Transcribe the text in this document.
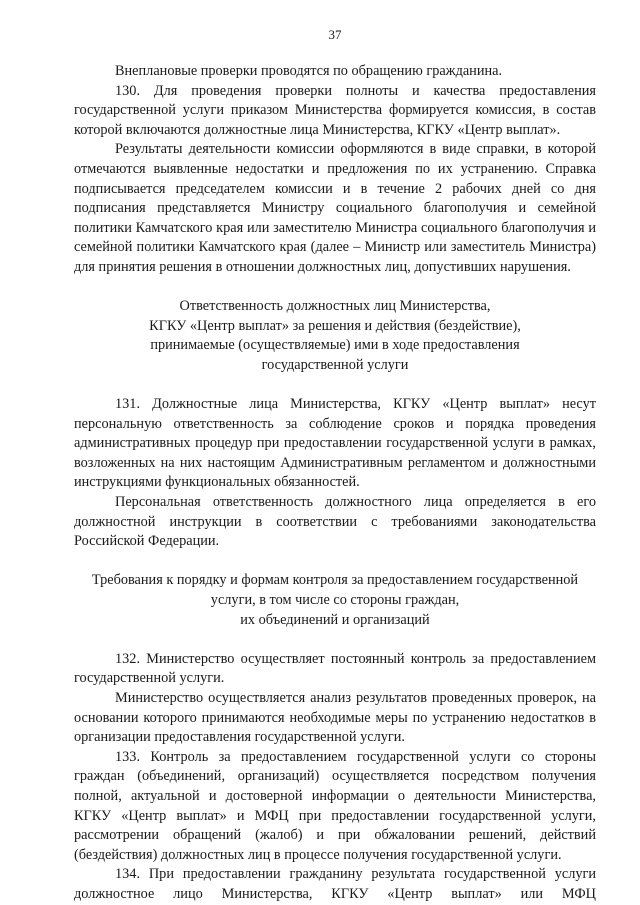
37

Внеплановые проверки проводятся по обращению гражданина.

130. Для проведения проверки полноты и качества предоставления государственной услуги приказом Министерства формируется комиссия, в состав которой включаются должностные лица Министерства, КГКУ «Центр выплат».

Результаты деятельности комиссии оформляются в виде справки, в которой отмечаются выявленные недостатки и предложения по их устранению. Справка подписывается председателем комиссии и в течение 2 рабочих дней со дня подписания представляется Министру социального благополучия и семейной политики Камчатского края или заместителю Министра социального благополучия и семейной политики Камчатского края (далее – Министр или заместитель Министра) для принятия решения в отношении должностных лиц, допустивших нарушения.

Ответственность должностных лиц Министерства,
КГКУ «Центр выплат» за решения и действия (бездействие),
принимаемые (осуществляемые) ими в ходе предоставления
государственной услуги

131. Должностные лица Министерства, КГКУ «Центр выплат» несут персональную ответственность за соблюдение сроков и порядка проведения административных процедур при предоставлении государственной услуги в рамках, возложенных на них настоящим Административным регламентом и должностными инструкциями функциональных обязанностей.

Персональная ответственность должностного лица определяется в его должностной инструкции в соответствии с требованиями законодательства Российской Федерации.

Требования к порядку и формам контроля за предоставлением государственной
услуги, в том числе со стороны граждан,
их объединений и организаций

132. Министерство осуществляет постоянный контроль за предоставлением государственной услуги.

Министерство осуществляется анализ результатов проведенных проверок, на основании которого принимаются необходимые меры по устранению недостатков в организации предоставления государственной услуги.

133. Контроль за предоставлением государственной услуги со стороны граждан (объединений, организаций) осуществляется посредством получения полной, актуальной и достоверной информации о деятельности Министерства, КГКУ «Центр выплат» и МФЦ при предоставлении государственной услуги, рассмотрении обращений (жалоб) и при обжаловании решений, действий (бездействия) должностных лиц в процессе получения государственной услуги.

134. При предоставлении гражданину результата государственной услуги должностное лицо Министерства, КГКУ «Центр выплат» или МФЦ
